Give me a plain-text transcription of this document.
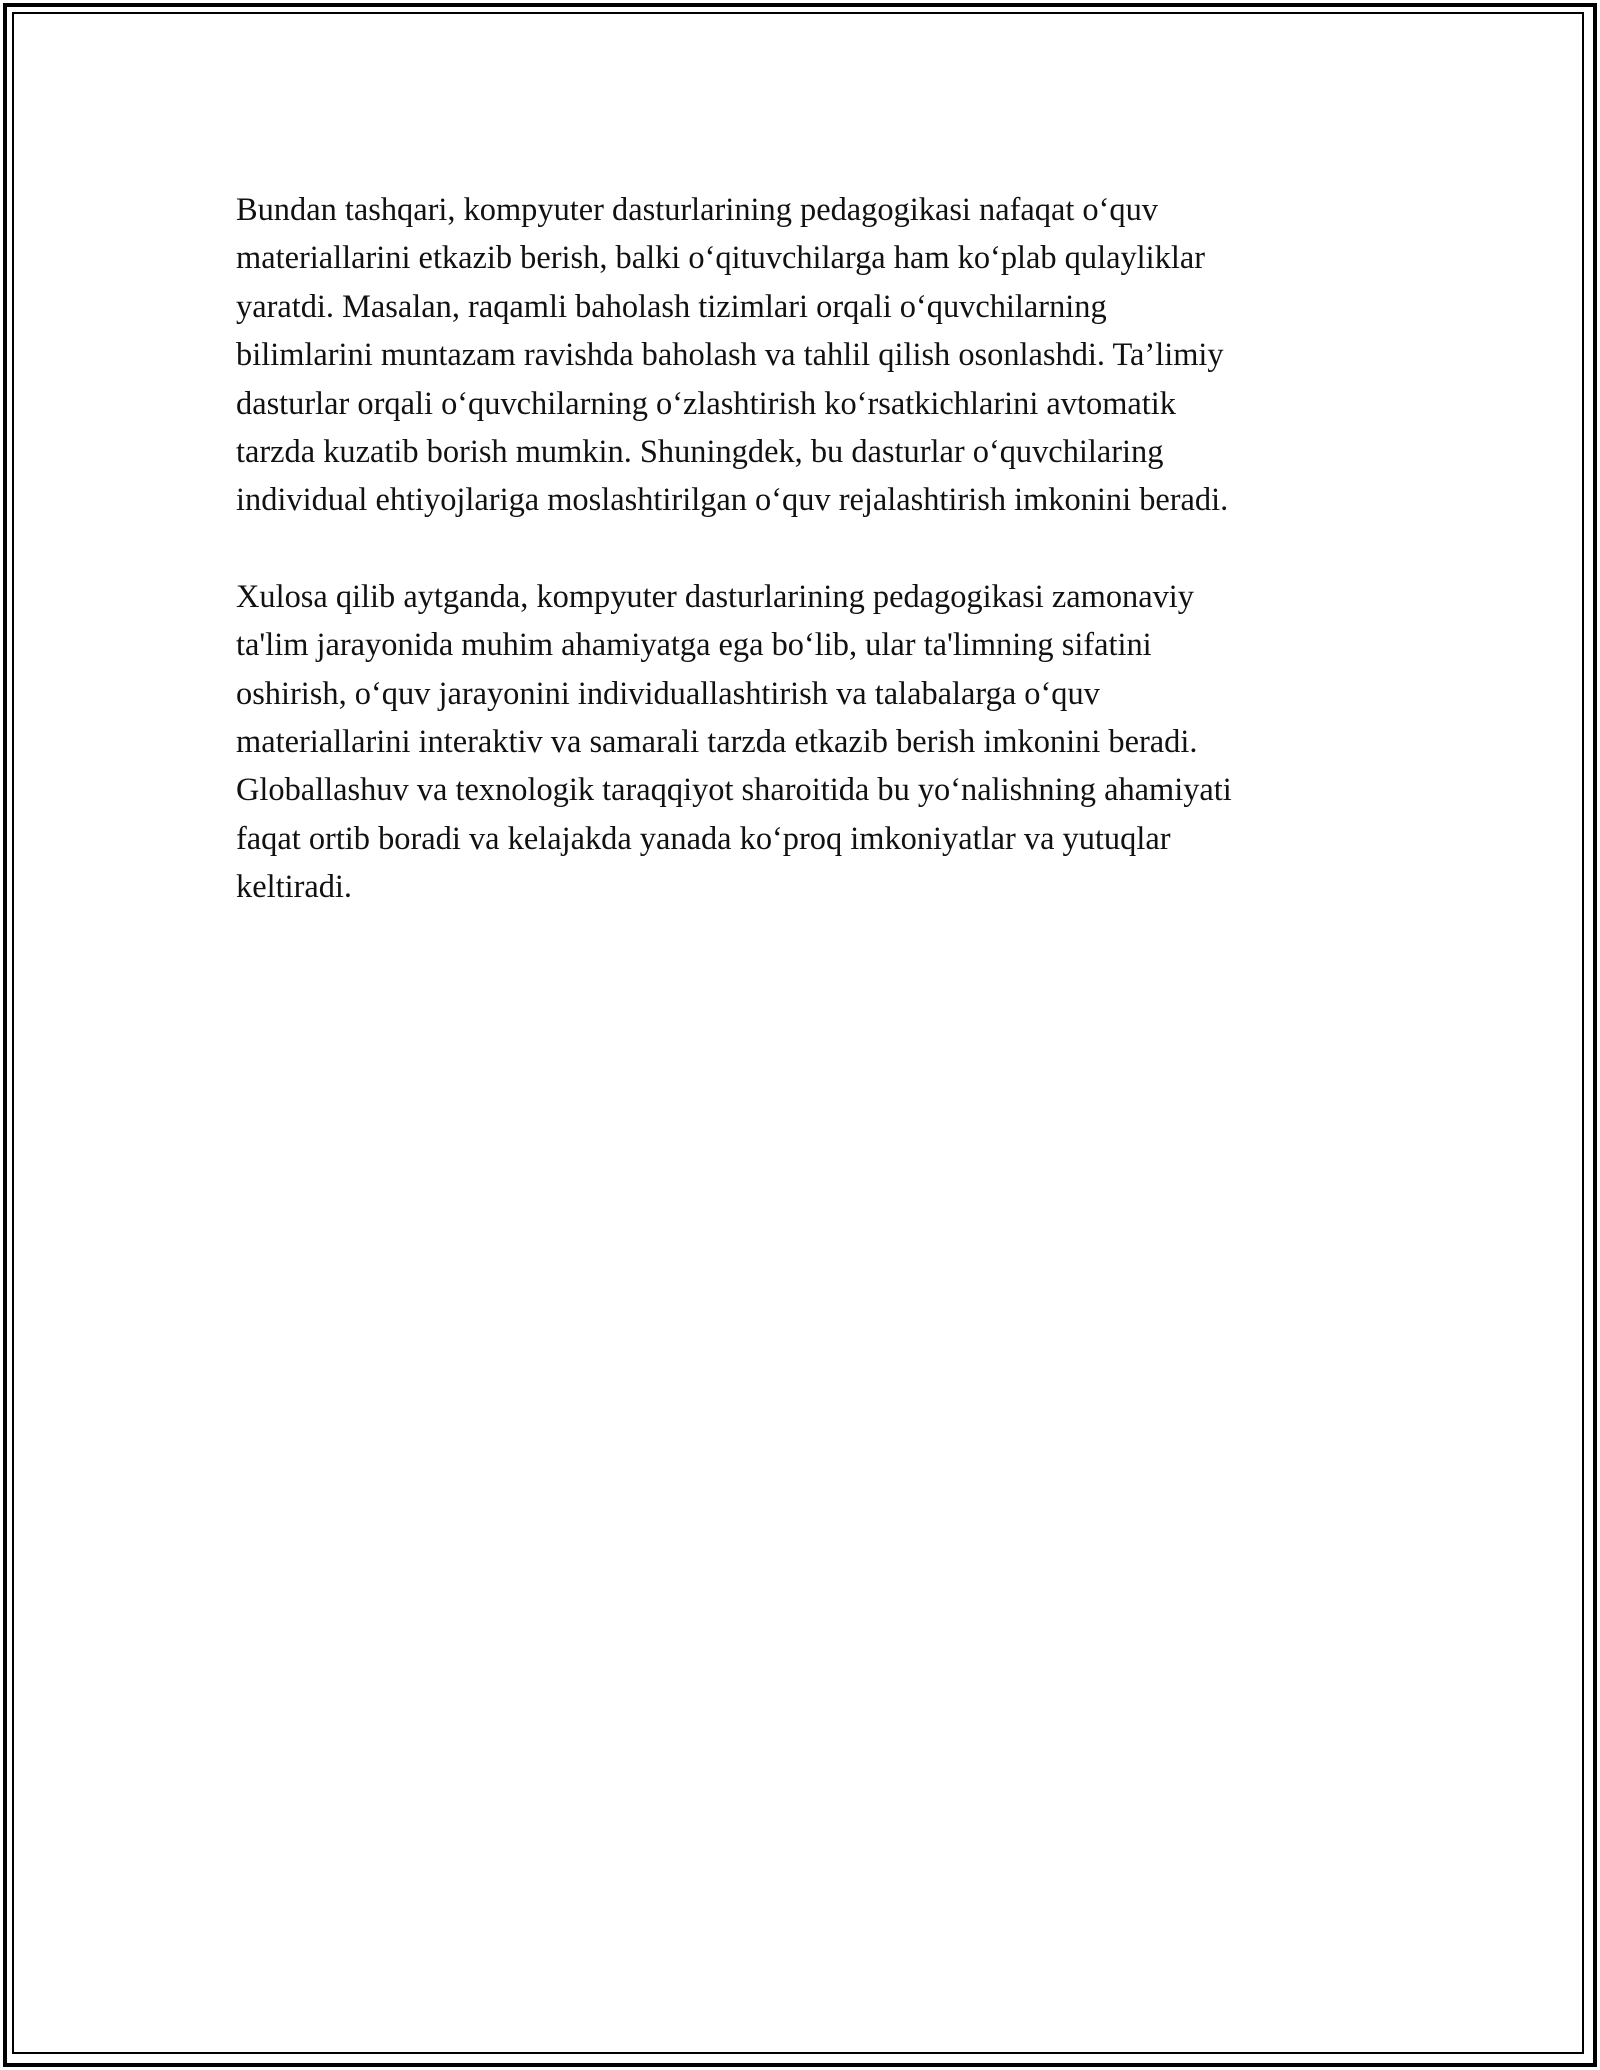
Bundan tashqari, kompyuter dasturlarining pedagogikasi nafaqat oʻquv
materiallarini etkazib berish, balki oʻqituvchilarga ham koʻplab qulayliklar
yaratdi. Masalan, raqamli baholash tizimlari orqali oʻquvchilarning
bilimlarini muntazam ravishda baholash va tahlil qilish osonlashdi. Ta’limiy
dasturlar orqali oʻquvchilarning oʻzlashtirish koʻrsatkichlarini avtomatik
tarzda kuzatib borish mumkin. Shuningdek, bu dasturlar oʻquvchilaring
individual ehtiyojlariga moslashtirilgan oʻquv rejalashtirish imkonini beradi.

Xulosa qilib aytganda, kompyuter dasturlarining pedagogikasi zamonaviy
ta'lim jarayonida muhim ahamiyatga ega boʻlib, ular ta'limning sifatini
oshirish, oʻquv jarayonini individuallashtirish va talabalarga oʻquv
materiallarini interaktiv va samarali tarzda etkazib berish imkonini beradi.
Globallashuv va texnologik taraqqiyot sharoitida bu yoʻnalishning ahamiyati
faqat ortib boradi va kelajakda yanada koʻproq imkoniyatlar va yutuqlar
keltiradi.
